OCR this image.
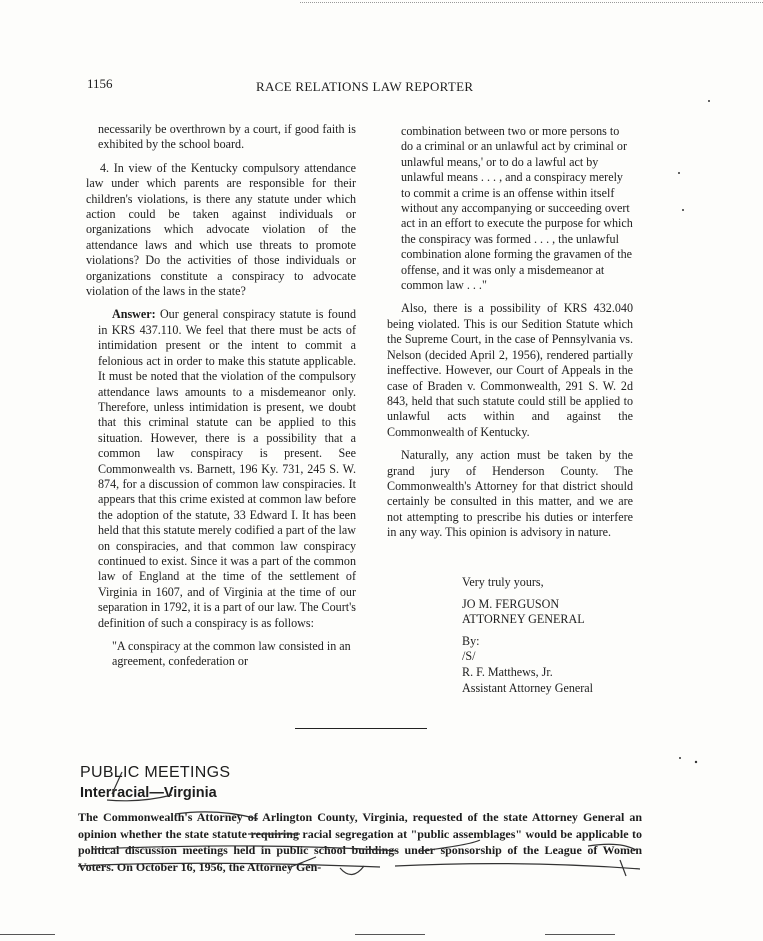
1156	RACE RELATIONS LAW REPORTER

necessarily be overthrown by a court, if good faith is exhibited by the school board.

4. In view of the Kentucky compulsory attendance law under which parents are responsible for their children's violations, is there any statute under which action could be taken against individuals or organizations which advocate violation of the attendance laws and which use threats to promote violations? Do the activities of those individuals or organizations constitute a conspiracy to advocate violation of the laws in the state?

Answer: Our general conspiracy statute is found in KRS 437.110. We feel that there must be acts of intimidation present or the intent to commit a felonious act in order to make this statute applicable. It must be noted that the violation of the compulsory attendance laws amounts to a misdemeanor only. Therefore, unless intimidation is present, we doubt that this criminal statute can be applied to this situation. However, there is a possibility that a common law conspiracy is present. See Commonwealth vs. Barnett, 196 Ky. 731, 245 S. W. 874, for a discussion of common law conspiracies. It appears that this crime existed at common law before the adoption of the statute, 33 Edward I. It has been held that this statute merely codified a part of the law on conspiracies, and that common law conspiracy continued to exist. Since it was a part of the common law of England at the time of the settlement of Virginia in 1607, and of Virginia at the time of our separation in 1792, it is a part of our law. The Court's definition of such a conspiracy is as follows:

"A conspiracy at the common law consisted in an agreement, confederation or

combination between two or more persons to do a criminal or an unlawful act by criminal or unlawful means,' or to do a lawful act by unlawful means . . . , and a conspiracy merely to commit a crime is an offense within itself without any accompanying or succeeding overt act in an effort to execute the purpose for which the conspiracy was formed . . . , the unlawful combination alone forming the gravamen of the offense, and it was only a misdemeanor at common law . . ."

Also, there is a possibility of KRS 432.040 being violated. This is our Sedition Statute which the Supreme Court, in the case of Pennsylvania vs. Nelson (decided April 2, 1956), rendered partially ineffective. However, our Court of Appeals in the case of Braden v. Commonwealth, 291 S. W. 2d 843, held that such statute could still be applied to unlawful acts within and against the Commonwealth of Kentucky.

Naturally, any action must be taken by the grand jury of Henderson County. The Commonwealth's Attorney for that district should certainly be consulted in this matter, and we are not attempting to prescribe his duties or interfere in any way. This opinion is advisory in nature.

Very truly yours,
JO M. FERGUSON
ATTORNEY GENERAL
By:
/S/
R. F. Matthews, Jr.
Assistant Attorney General
PUBLIC MEETINGS
Interracial—Virginia
The Commonwealth's Attorney of Arlington County, Virginia, requested of the state Attorney General an opinion whether the state statute requiring racial segregation at "public assemblages" would be applicable to political discussion meetings held in public school buildings under sponsorship of the League of Women Voters. On October 16, 1956, the Attorney Gen-
